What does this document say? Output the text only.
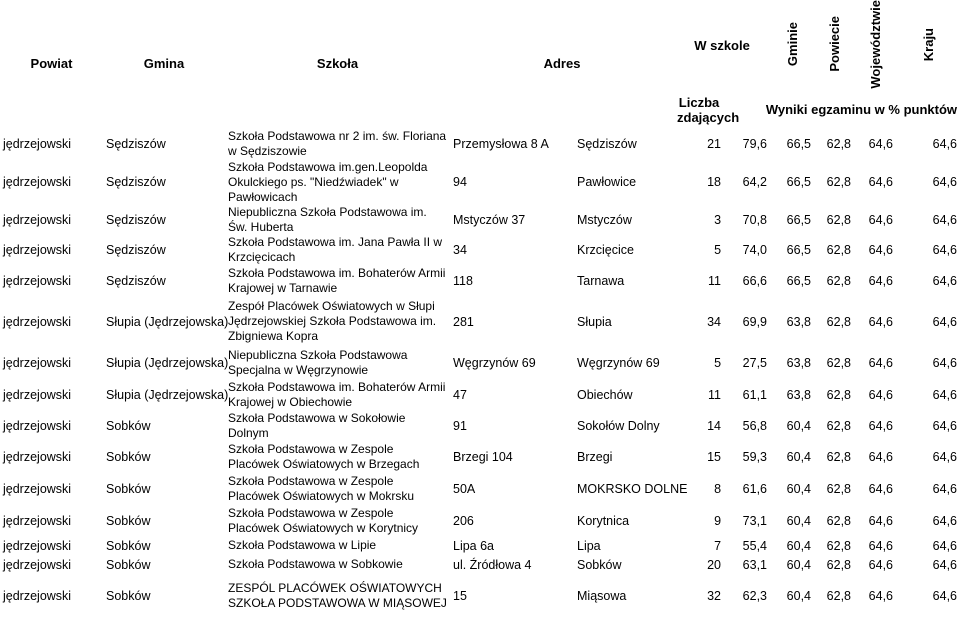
Powiat	Gmina	Szkoła	Adres		W szkole		Gminie	Powiecie	Województwie	Kraju
					Liczba zdających	Wyniki egzaminu w % punktów				
jędrzejowski	Sędziszów	Szkoła Podstawowa nr 2 im. św. Floriana w Sędziszowie	Przemysłowa 8 A	Sędziszów	21	79,6	66,5	62,8	64,6	64,6
jędrzejowski	Sędziszów	Szkoła Podstawowa im.gen.Leopolda Okulckiego ps. "Niedźwiadek" w Pawłowicach	94	Pawłowice	18	64,2	66,5	62,8	64,6	64,6
jędrzejowski	Sędziszów	Niepubliczna Szkoła Podstawowa im. Św. Huberta	Mstyczów 37	Mstyczów	3	70,8	66,5	62,8	64,6	64,6
jędrzejowski	Sędziszów	Szkoła Podstawowa im. Jana Pawła II w Krzcięcicach	34	Krzcięcice	5	74,0	66,5	62,8	64,6	64,6
jędrzejowski	Sędziszów	Szkoła Podstawowa im. Bohaterów Armii Krajowej w Tarnawie	118	Tarnawa	11	66,6	66,5	62,8	64,6	64,6
jędrzejowski	Słupia (Jędrzejowska)	Zespół Placówek Oświatowych w Słupi Jędrzejowskiej Szkoła Podstawowa im. Zbigniewa Kopra	281	Słupia	34	69,9	63,8	62,8	64,6	64,6
jędrzejowski	Słupia (Jędrzejowska)	Niepubliczna Szkoła Podstawowa Specjalna w Węgrzynowie	Węgrzynów 69	Węgrzynów 69	5	27,5	63,8	62,8	64,6	64,6
jędrzejowski	Słupia (Jędrzejowska)	Szkoła Podstawowa im. Bohaterów Armii Krajowej w Obiechowie	47	Obiechów	11	61,1	63,8	62,8	64,6	64,6
jędrzejowski	Sobków	Szkoła Podstawowa w Sokołowie Dolnym	91	Sokołów Dolny	14	56,8	60,4	62,8	64,6	64,6
jędrzejowski	Sobków	Szkoła Podstawowa w Zespole Placówek Oświatowych w Brzegach	Brzegi 104	Brzegi	15	59,3	60,4	62,8	64,6	64,6
jędrzejowski	Sobków	Szkoła Podstawowa w Zespole Placówek Oświatowych w Mokrsku	50A	MOKRSKO DOLNE	8	61,6	60,4	62,8	64,6	64,6
jędrzejowski	Sobków	Szkoła Podstawowa w Zespole Placówek Oświatowych w Korytnicy	206	Korytnica	9	73,1	60,4	62,8	64,6	64,6
jędrzejowski	Sobków	Szkoła Podstawowa w Lipie	Lipa 6a	Lipa	7	55,4	60,4	62,8	64,6	64,6
jędrzejowski	Sobków	Szkoła Podstawowa w Sobkowie	ul. Źródłowa 4	Sobków	20	63,1	60,4	62,8	64,6	64,6
jędrzejowski	Sobków	ZESPÓL PLACÓWEK OŚWIATOWYCH SZKOŁA PODSTAWOWA W MIĄSOWEJ	15	Miąsowa	32	62,3	60,4	62,8	64,6	64,6
